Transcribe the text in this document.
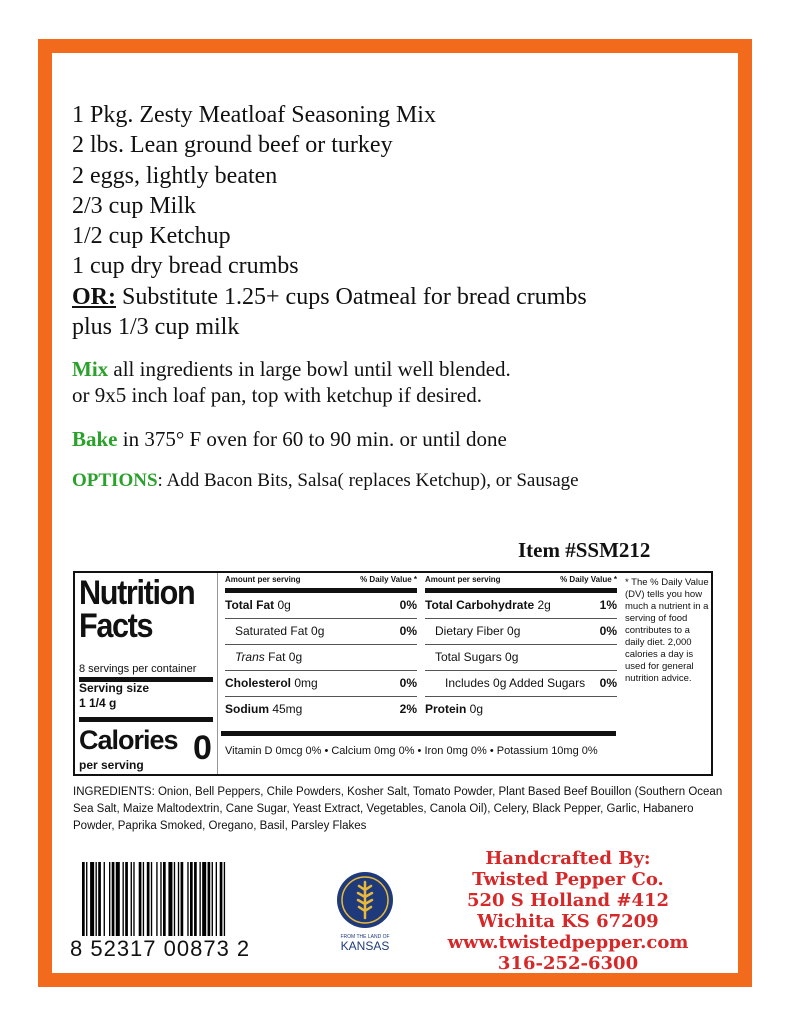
1 Pkg. Zesty Meatloaf Seasoning Mix
2 lbs. Lean ground beef or turkey
2 eggs, lightly beaten
2/3 cup Milk
1/2 cup Ketchup
1 cup dry bread crumbs
OR: Substitute 1.25+ cups Oatmeal for bread crumbs
plus 1/3 cup milk
Mix all ingredients in large bowl until well blended.
or 9x5 inch loaf pan, top with ketchup if desired.
Bake in 375° F oven for 60 to 90 min. or until done
OPTIONS: Add Bacon Bits, Salsa( replaces Ketchup), or Sausage
Item #SSM212
Nutrition
Facts
8 servings per container
Serving size
1 1/4 g
Calories 0
per serving
Amount per serving	% Daily Value *
Total Fat 0g	0%
Saturated Fat 0g	0%
Trans Fat 0g
Cholesterol 0mg	0%
Sodium 45mg	2%
Amount per serving	% Daily Value *
Total Carbohydrate 2g	1%
Dietary Fiber 0g	0%
Total Sugars 0g
Includes 0g Added Sugars 0%
Protein 0g
Vitamin D 0mcg 0% • Calcium 0mg 0% • Iron 0mg 0% • Potassium 10mg 0%
* The % Daily Value (DV) tells you how much a nutrient in a serving of food contributes to a daily diet. 2,000 calories a day is used for general nutrition advice.
INGREDIENTS: Onion, Bell Peppers, Chile Powders, Kosher Salt, Tomato Powder, Plant Based Beef Bouillon (Southern Ocean Sea Salt, Maize Maltodextrin, Cane Sugar, Yeast Extract, Vegetables, Canola Oil), Celery, Black Pepper, Garlic, Habanero Powder, Paprika Smoked, Oregano, Basil, Parsley Flakes
8 52317 00873 2	FROM THE LAND OF
KANSAS
Handcrafted By:
Twisted Pepper Co.
520 S Holland #412
Wichita KS 67209
www.twistedpepper.com
316-252-6300
